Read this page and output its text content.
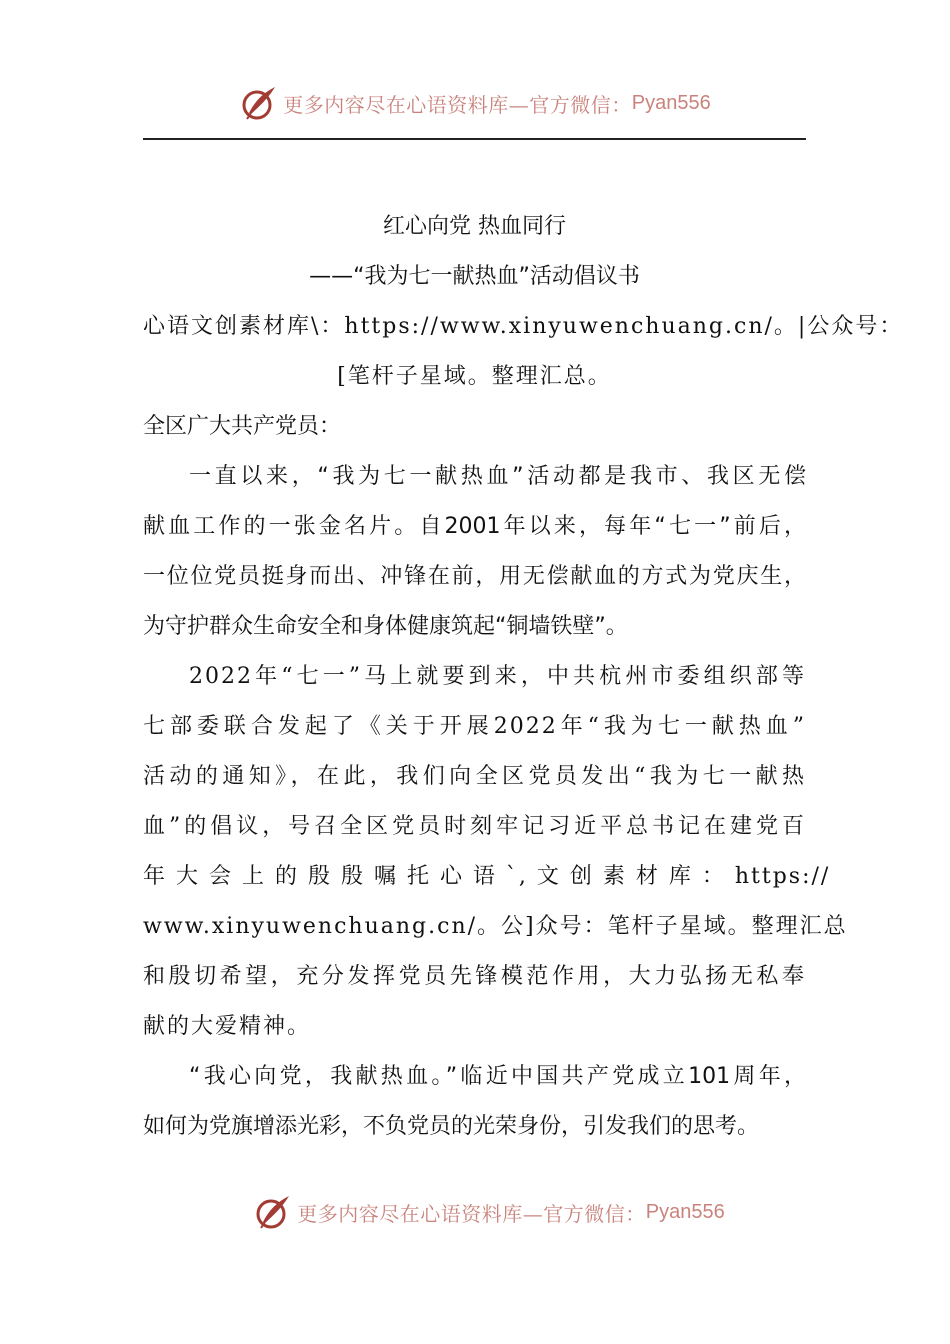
更多内容尽在心语资料库—官方微信： Pyan556
红心向党 热血同行
——“我为七一献热血”活动倡议书
心语文创素材库\：https://www.xinyuwenchuang.cn/。|公众号：
[笔杆子星域。整理汇总。
全区广大共产党员：
一直以来，“我为七一献热血”活动都是我市、我区无偿
献血工作的一张金名片。自2001年以来，每年“七一”前后，
一位位党员挺身而出、冲锋在前，用无偿献血的方式为党庆生，
为守护群众生命安全和身体健康筑起“铜墙铁壁”。
2022年“七一”马上就要到来，中共杭州市委组织部等
七部委联合发起了《关于开展2022年“我为七一献热血”
活动的通知》，在此，我们向全区党员发出“我为七一献热
血”的倡议，号召全区党员时刻牢记习近平总书记在建党百
年 大 会 上 的 殷 殷 嘱 托 心 语 `, 文 创 素 材 库 ： https://
www.xinyuwenchuang.cn/。公]众号：笔杆子星域。整理汇总
和殷切希望，充分发挥党员先锋模范作用，大力弘扬无私奉
献的大爱精神。
“我心向党，我献热血。”临近中国共产党成立101周年，
如何为党旗增添光彩，不负党员的光荣身份，引发我们的思考。
更多内容尽在心语资料库—官方微信： Pyan556
